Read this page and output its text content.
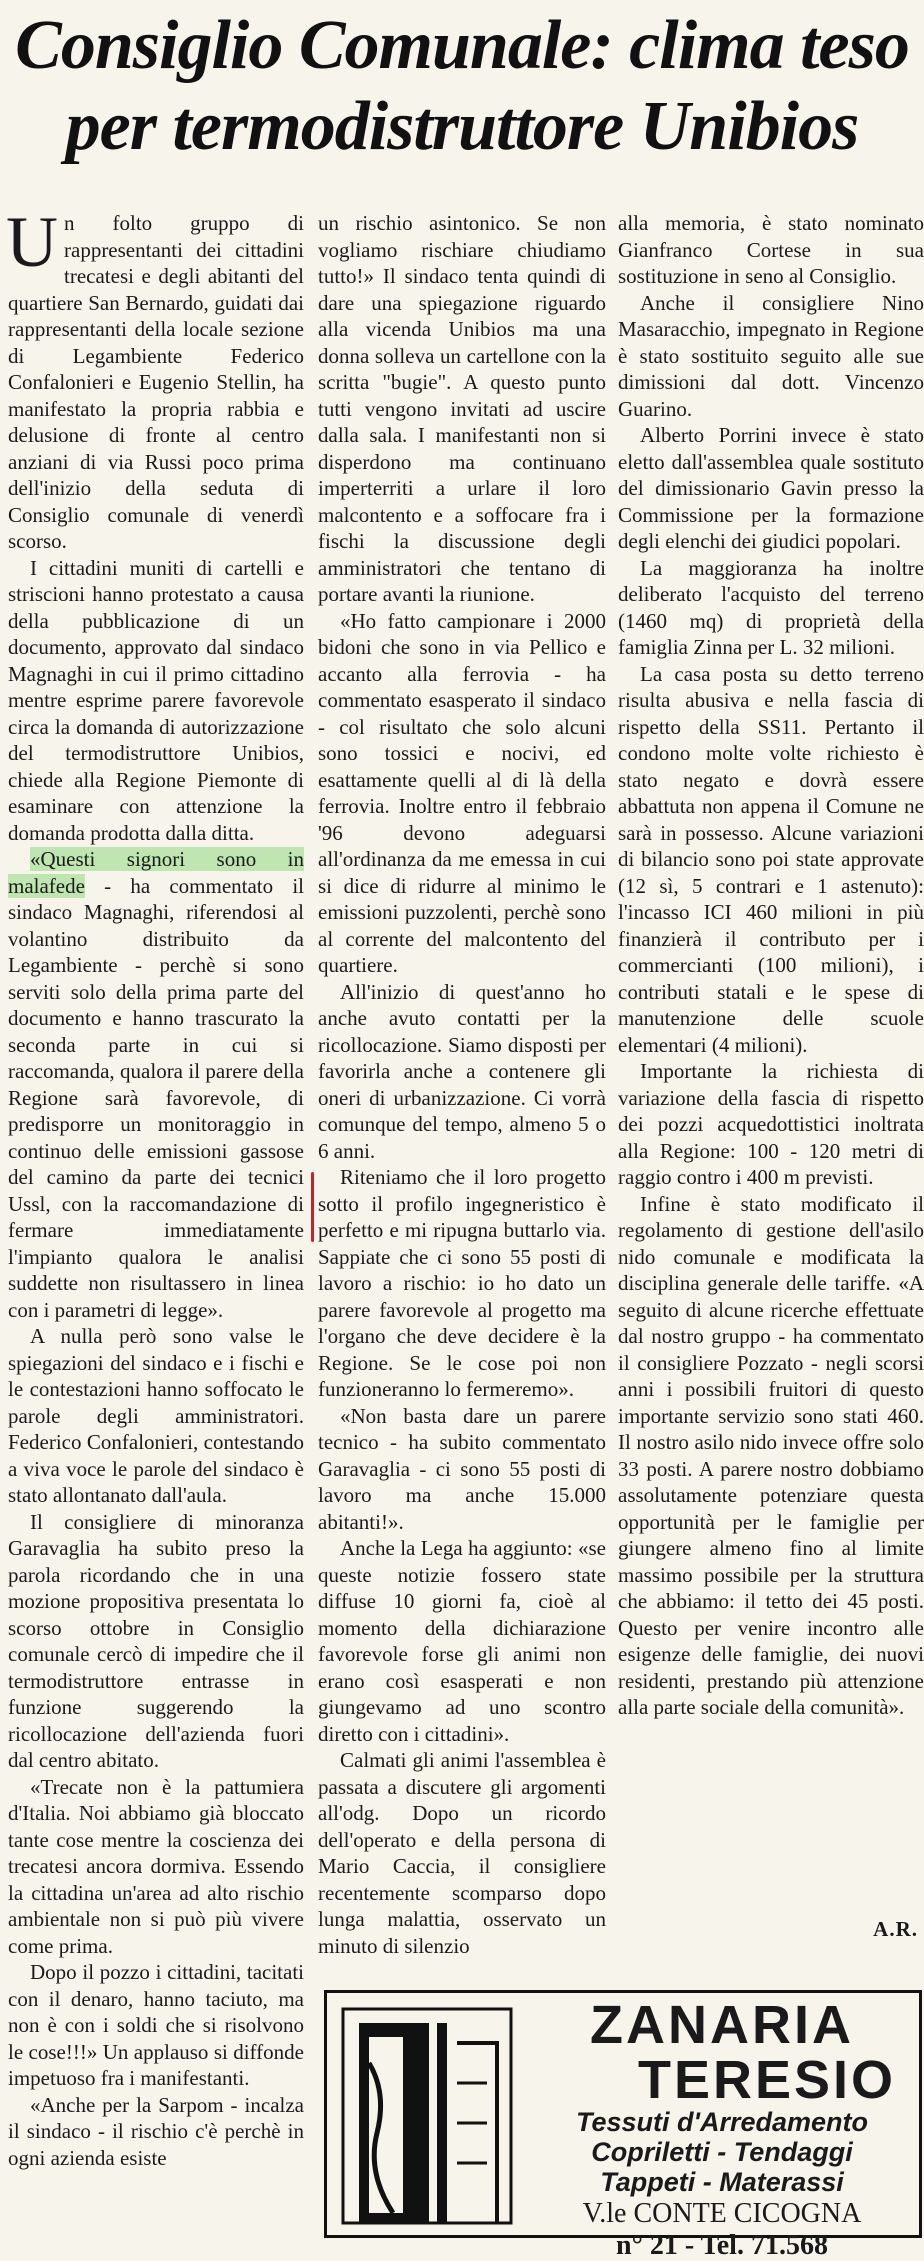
Consiglio Comunale: clima teso
per termodistruttore Unibios

Un folto gruppo di rappresentanti dei cittadini trecatesi e degli abitanti del quartiere San Bernardo, guidati dai rappresentanti della locale sezione di Legambiente Federico Confalonieri e Eugenio Stellin, ha manifestato la propria rabbia e delusione di fronte al centro anziani di via Russi poco prima dell'inizio della seduta di Consiglio comunale di venerdì scorso.

I cittadini muniti di cartelli e striscioni hanno protestato a causa della pubblicazione di un documento, approvato dal sindaco Magnaghi in cui il primo cittadino mentre esprime parere favorevole circa la domanda di autorizzazione del termodistruttore Unibios, chiede alla Regione Piemonte di esaminare con attenzione la domanda prodotta dalla ditta.

«Questi signori sono in malafede - ha commentato il sindaco Magnaghi, riferendosi al volantino distribuito da Legambiente - perchè si sono serviti solo della prima parte del documento e hanno trascurato la seconda parte in cui si raccomanda, qualora il parere della Regione sarà favorevole, di predisporre un monitoraggio in continuo delle emissioni gassose del camino da parte dei tecnici Ussl, con la raccomandazione di fermare immediatamente l'impianto qualora le analisi suddette non risultassero in linea con i parametri di legge».

A nulla però sono valse le spiegazioni del sindaco e i fischi e le contestazioni hanno soffocato le parole degli amministratori. Federico Confalonieri, contestando a viva voce le parole del sindaco è stato allontanato dall'aula.

Il consigliere di minoranza Garavaglia ha subito preso la parola ricordando che in una mozione propositiva presentata lo scorso ottobre in Consiglio comunale cercò di impedire che il termodistruttore entrasse in funzione suggerendo la ricollocazione dell'azienda fuori dal centro abitato.

«Trecate non è la pattumiera d'Italia. Noi abbiamo già bloccato tante cose mentre la coscienza dei trecatesi ancora dormiva. Essendo la cittadina un'area ad alto rischio ambientale non si può più vivere come prima.

Dopo il pozzo i cittadini, tacitati con il denaro, hanno taciuto, ma non è con i soldi che si risolvono le cose!!!» Un applauso si diffonde impetuoso fra i manifestanti.

«Anche per la Sarpom - incalza il sindaco - il rischio c'è perchè in ogni azienda esiste

un rischio asintonico. Se non vogliamo rischiare chiudiamo tutto!» Il sindaco tenta quindi di dare una spiegazione riguardo alla vicenda Unibios ma una donna solleva un cartellone con la scritta "bugie". A questo punto tutti vengono invitati ad uscire dalla sala. I manifestanti non si disperdono ma continuano imperterriti a urlare il loro malcontento e a soffocare fra i fischi la discussione degli amministratori che tentano di portare avanti la riunione.

«Ho fatto campionare i 2000 bidoni che sono in via Pellico e accanto alla ferrovia - ha commentato esasperato il sindaco - col risultato che solo alcuni sono tossici e nocivi, ed esattamente quelli al di là della ferrovia. Inoltre entro il febbraio '96 devono adeguarsi all'ordinanza da me emessa in cui si dice di ridurre al minimo le emissioni puzzolenti, perchè sono al corrente del malcontento del quartiere.

All'inizio di quest'anno ho anche avuto contatti per la ricollocazione. Siamo disposti per favorirla anche a contenere gli oneri di urbanizzazione. Ci vorrà comunque del tempo, almeno 5 o 6 anni.

Riteniamo che il loro progetto sotto il profilo ingegneristico è perfetto e mi ripugna buttarlo via. Sappiate che ci sono 55 posti di lavoro a rischio: io ho dato un parere favorevole al progetto ma l'organo che deve decidere è la Regione. Se le cose poi non funzioneranno lo fermeremo».

«Non basta dare un parere tecnico - ha subito commentato Garavaglia - ci sono 55 posti di lavoro ma anche 15.000 abitanti!».

Anche la Lega ha aggiunto: «se queste notizie fossero state diffuse 10 giorni fa, cioè al momento della dichiarazione favorevole forse gli animi non erano così esasperati e non giungevamo ad uno scontro diretto con i cittadini».

Calmati gli animi l'assemblea è passata a discutere gli argomenti all'odg. Dopo un ricordo dell'operato e della persona di Mario Caccia, il consigliere recentemente scomparso dopo lunga malattia, osservato un minuto di silenzio

alla memoria, è stato nominato Gianfranco Cortese in sua sostituzione in seno al Consiglio.

Anche il consigliere Nino Masaracchio, impegnato in Regione è stato sostituito seguito alle sue dimissioni dal dott. Vincenzo Guarino.

Alberto Porrini invece è stato eletto dall'assemblea quale sostituto del dimissionario Gavin presso la Commissione per la formazione degli elenchi dei giudici popolari.

La maggioranza ha inoltre deliberato l'acquisto del terreno (1460 mq) di proprietà della famiglia Zinna per L. 32 milioni.

La casa posta su detto terreno risulta abusiva e nella fascia di rispetto della SS11. Pertanto il condono molte volte richiesto è stato negato e dovrà essere abbattuta non appena il Comune ne sarà in possesso. Alcune variazioni di bilancio sono poi state approvate (12 sì, 5 contrari e 1 astenuto): l'incasso ICI 460 milioni in più finanzierà il contributo per i commercianti (100 milioni), i contributi statali e le spese di manutenzione delle scuole elementari (4 milioni).

Importante la richiesta di variazione della fascia di rispetto dei pozzi acquedottistici inoltrata alla Regione: 100 - 120 metri di raggio contro i 400 m previsti.

Infine è stato modificato il regolamento di gestione dell'asilo nido comunale e modificata la disciplina generale delle tariffe. «A seguito di alcune ricerche effettuate dal nostro gruppo - ha commentato il consigliere Pozzato - negli scorsi anni i possibili fruitori di questo importante servizio sono stati 460. Il nostro asilo nido invece offre solo 33 posti. A parere nostro dobbiamo assolutamente potenziare questa opportunità per le famiglie per giungere almeno fino al limite massimo possibile per la struttura che abbiamo: il tetto dei 45 posti. Questo per venire incontro alle esigenze delle famiglie, dei nuovi residenti, prestando più attenzione alla parte sociale della comunità».

A.R.
ZANARIA
TERESIO
Tessuti d'Arredamento
Copriletti - Tendaggi
Tappeti - Materassi
V.le CONTE CICOGNA
n° 21 - Tel. 71.568
